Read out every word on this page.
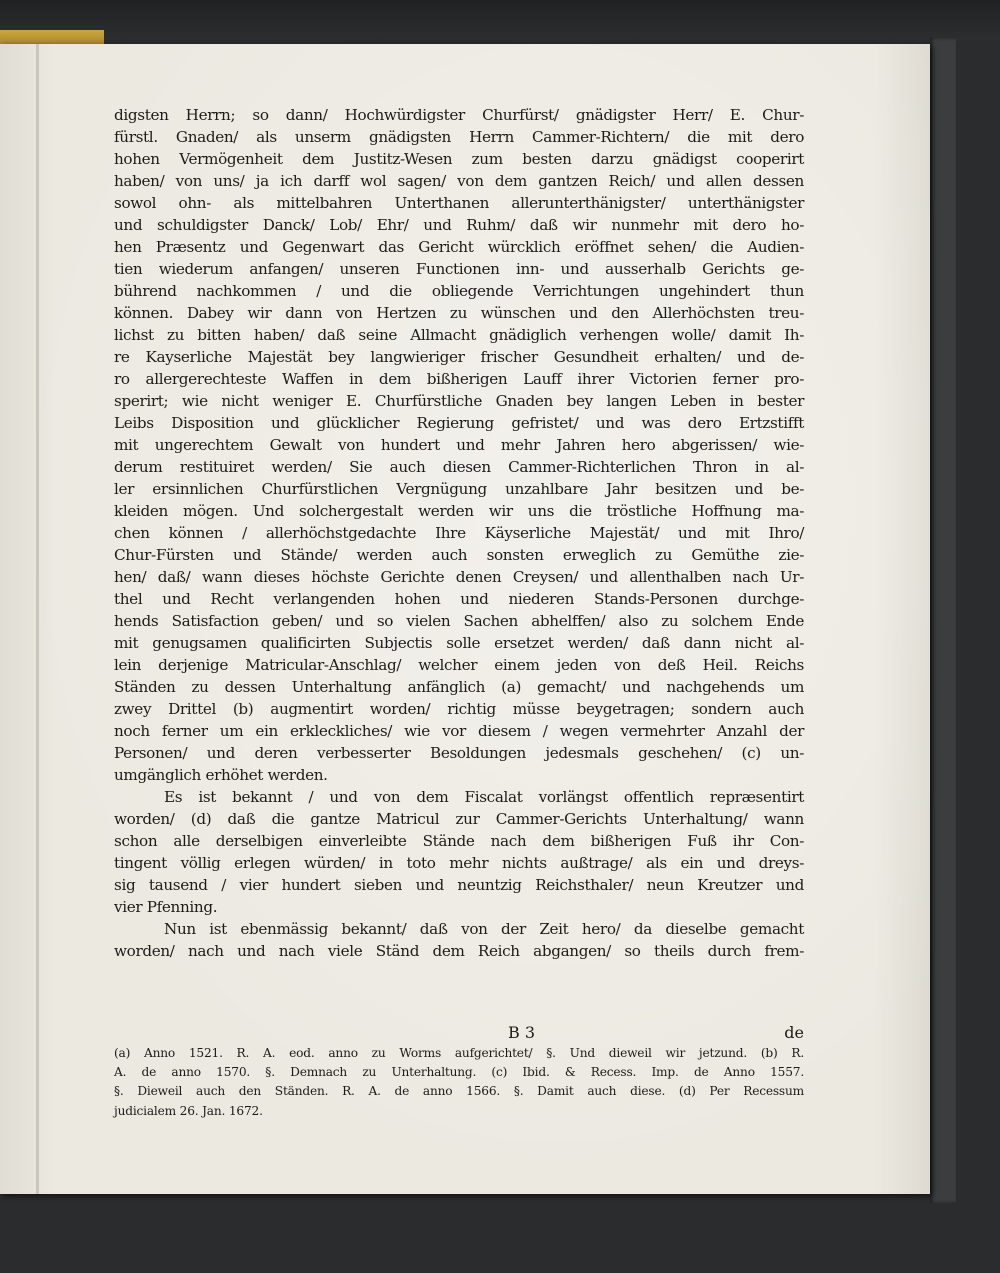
digsten Herrn; so dann/ Hochwürdigster Churfürst/ gnädigster Herr/ E. Chur-
fürstl. Gnaden/ als unserm gnädigsten Herrn Cammer-Richtern/ die mit dero
hohen Vermögenheit dem Justitz-Wesen zum besten darzu gnädigst cooperirt
haben/ von uns/ ja ich darff wol sagen/ von dem gantzen Reich/ und allen dessen
sowol ohn- als mittelbahren Unterthanen allerunterthänigster/ unterthänigster
und schuldigster Danck/ Lob/ Ehr/ und Ruhm/ daß wir nunmehr mit dero ho-
hen Præsentz und Gegenwart das Gericht würcklich eröffnet sehen/ die Audien-
tien wiederum anfangen/ unseren Functionen inn- und ausserhalb Gerichts ge-
bührend nachkommen / und die obliegende Verrichtungen ungehindert thun
können. Dabey wir dann von Hertzen zu wünschen und den Allerhöchsten treu-
lichst zu bitten haben/ daß seine Allmacht gnädiglich verhengen wolle/ damit Ih-
re Kayserliche Majestät bey langwieriger frischer Gesundheit erhalten/ und de-
ro allergerechteste Waffen in dem bißherigen Lauff ihrer Victorien ferner pro-
sperirt; wie nicht weniger E. Churfürstliche Gnaden bey langen Leben in bester
Leibs Disposition und glücklicher Regierung gefristet/ und was dero Ertzstifft
mit ungerechtem Gewalt von hundert und mehr Jahren hero abgerissen/ wie-
derum restituiret werden/ Sie auch diesen Cammer-Richterlichen Thron in al-
ler ersinnlichen Churfürstlichen Vergnügung unzahlbare Jahr besitzen und be-
kleiden mögen. Und solchergestalt werden wir uns die tröstliche Hoffnung ma-
chen können / allerhöchstgedachte Ihre Käyserliche Majestät/ und mit Ihro/
Chur-Fürsten und Stände/ werden auch sonsten erweglich zu Gemüthe zie-
hen/ daß/ wann dieses höchste Gerichte denen Creysen/ und allenthalben nach Ur-
thel und Recht verlangenden hohen und niederen Stands-Personen durchge-
hends Satisfaction geben/ und so vielen Sachen abhelffen/ also zu solchem Ende
mit genugsamen qualificirten Subjectis solle ersetzet werden/ daß dann nicht al-
lein derjenige Matricular-Anschlag/ welcher einem jeden von deß Heil. Reichs
Ständen zu dessen Unterhaltung anfänglich (a) gemacht/ und nachgehends um
zwey Drittel (b) augmentirt worden/ richtig müsse beygetragen; sondern auch
noch ferner um ein erkleckliches/ wie vor diesem / wegen vermehrter Anzahl der
Personen/ und deren verbesserter Besoldungen jedesmals geschehen/ (c) un-
umgänglich erhöhet werden.
Es ist bekannt / und von dem Fiscalat vorlängst offentlich repræsentirt
worden/ (d) daß die gantze Matricul zur Cammer-Gerichts Unterhaltung/ wann
schon alle derselbigen einverleibte Stände nach dem bißherigen Fuß ihr Con-
tingent völlig erlegen würden/ in toto mehr nichts außtrage/ als ein und dreys-
sig tausend / vier hundert sieben und neuntzig Reichsthaler/ neun Kreutzer und
vier Pfenning.
Nun ist ebenmässig bekannt/ daß von der Zeit hero/ da dieselbe gemacht
worden/ nach und nach viele Ständ dem Reich abgangen/ so theils durch frem-
B 3	de
(a) Anno 1521. R. A. eod. anno zu Worms aufgerichtet/ §. Und dieweil wir jetzund. (b) R.
A. de anno 1570. §. Demnach zu Unterhaltung. (c) Ibid. & Recess. Imp. de Anno 1557.
§. Dieweil auch den Ständen. R. A. de anno 1566. §. Damit auch diese. (d) Per Recessum
judicialem 26. Jan. 1672.
